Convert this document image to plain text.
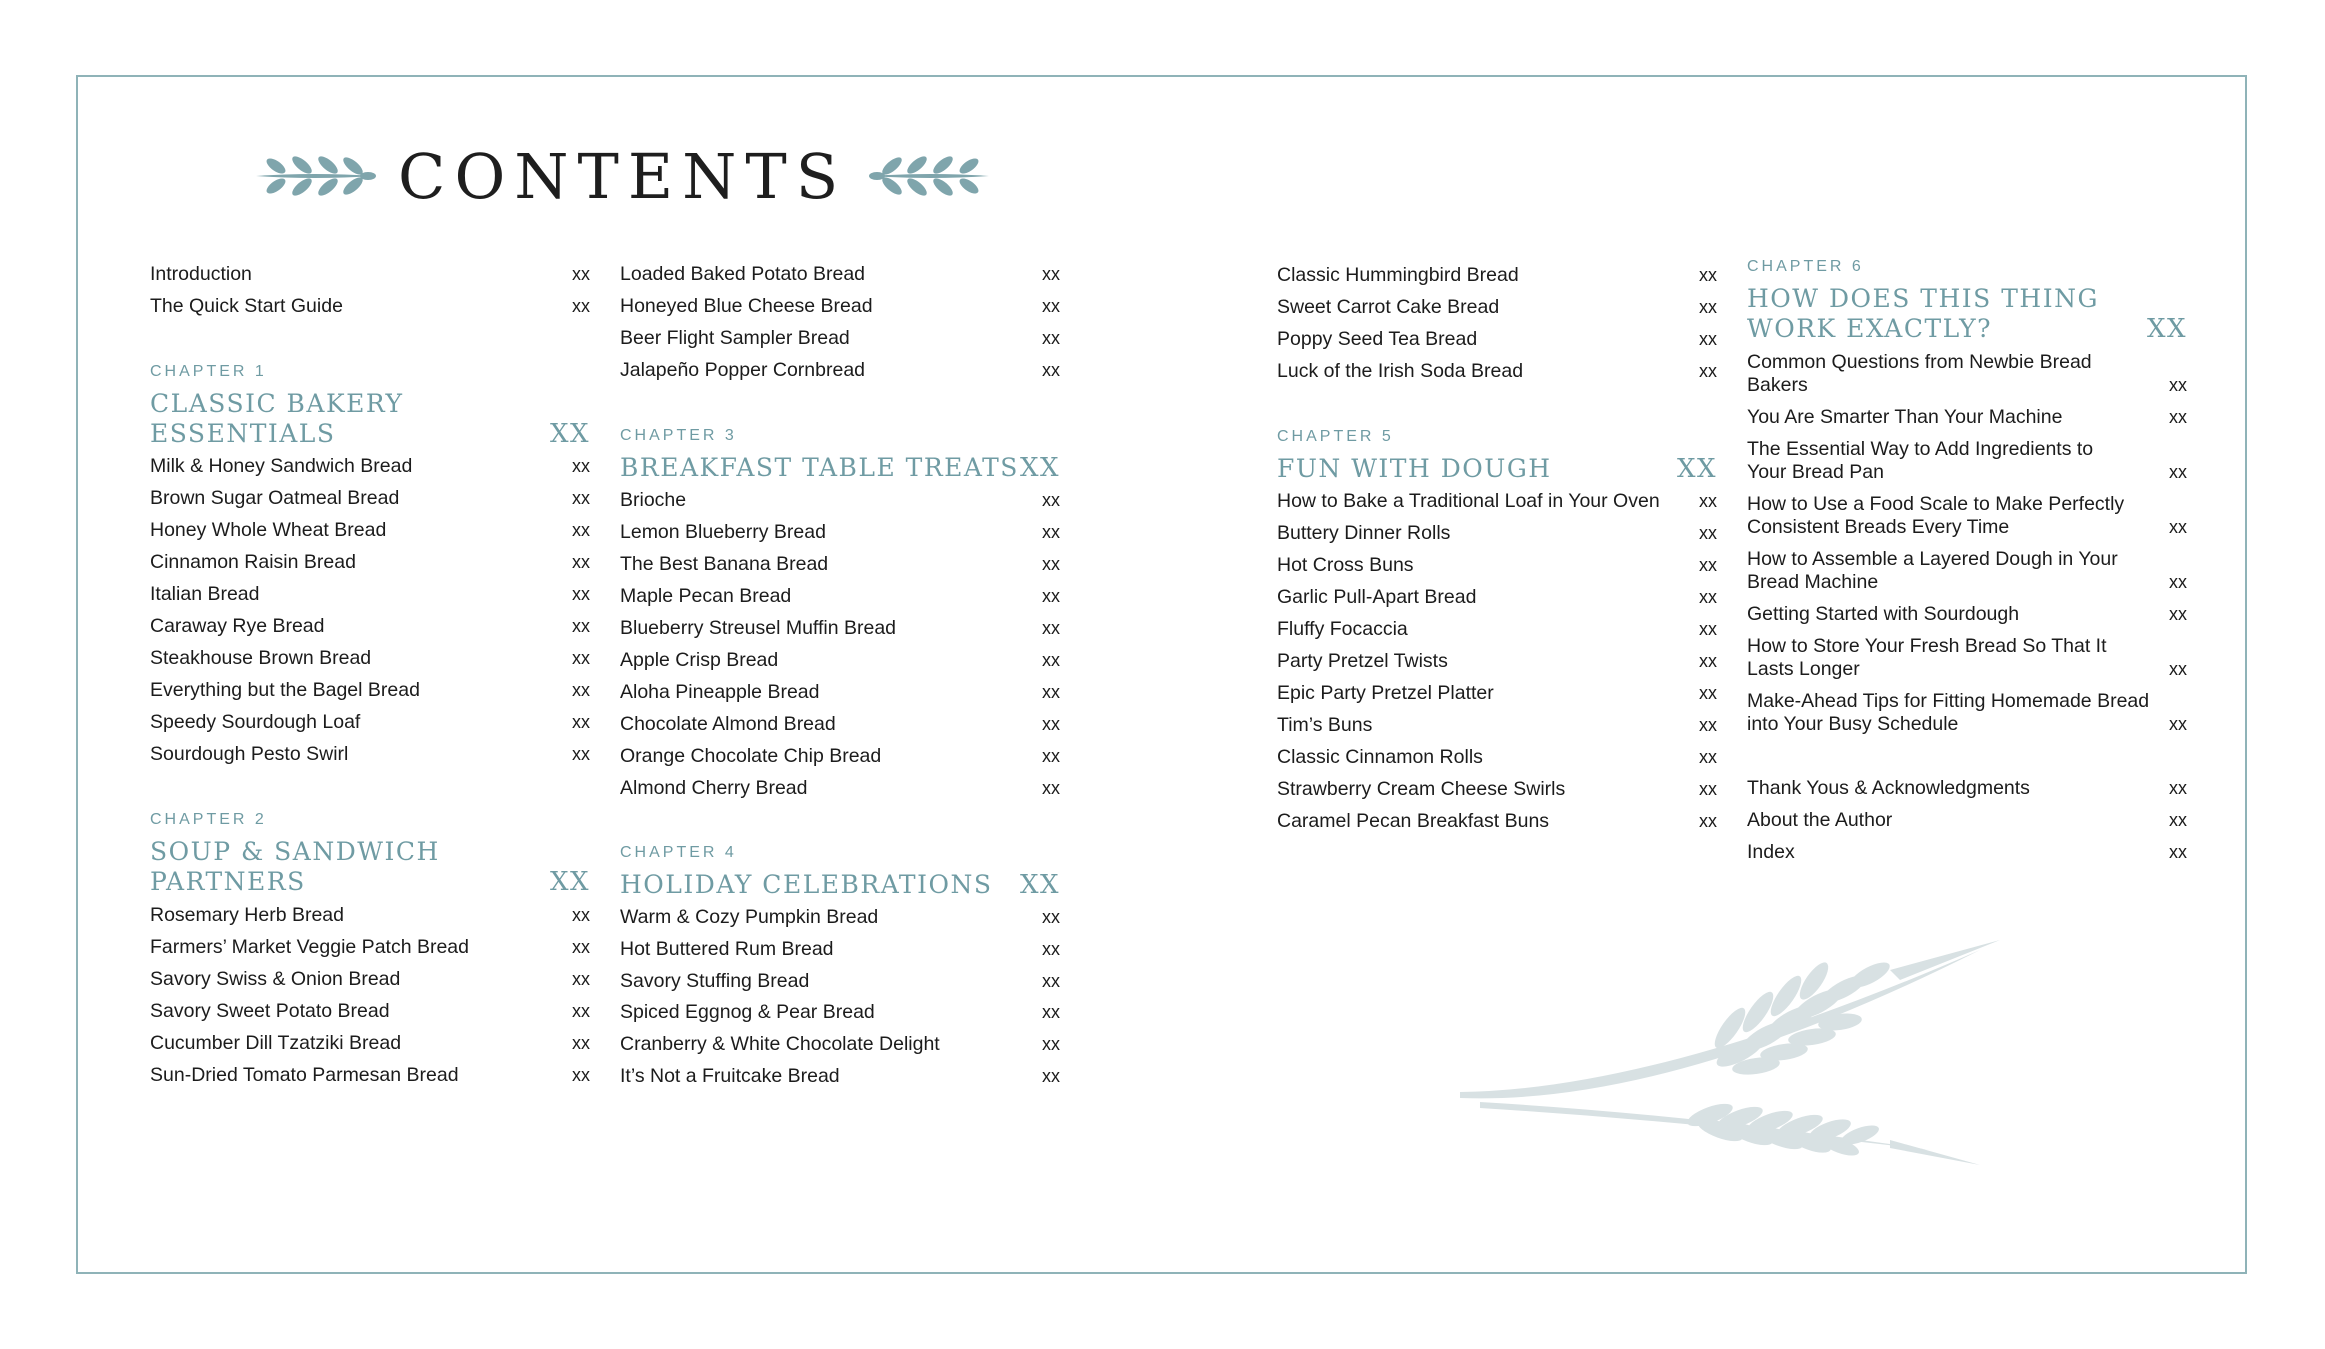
CONTENTS
Introduction	xx
The Quick Start Guide	xx
CHAPTER 1
CLASSIC BAKERY ESSENTIALS	XX
Milk & Honey Sandwich Bread	xx
Brown Sugar Oatmeal Bread	xx
Honey Whole Wheat Bread	xx
Cinnamon Raisin Bread	xx
Italian Bread	xx
Caraway Rye Bread	xx
Steakhouse Brown Bread	xx
Everything but the Bagel Bread	xx
Speedy Sourdough Loaf	xx
Sourdough Pesto Swirl	xx
CHAPTER 2
SOUP & SANDWICH PARTNERS	XX
Rosemary Herb Bread	xx
Farmers’ Market Veggie Patch Bread	xx
Savory Swiss & Onion Bread	xx
Savory Sweet Potato Bread	xx
Cucumber Dill Tzatziki Bread	xx
Sun-Dried Tomato Parmesan Bread	xx
Loaded Baked Potato Bread	xx
Honeyed Blue Cheese Bread	xx
Beer Flight Sampler Bread	xx
Jalapeño Popper Cornbread	xx
CHAPTER 3
BREAKFAST TABLE TREATS XX
Brioche	xx
Lemon Blueberry Bread	xx
The Best Banana Bread	xx
Maple Pecan Bread	xx
Blueberry Streusel Muffin Bread	xx
Apple Crisp Bread	xx
Aloha Pineapple Bread	xx
Chocolate Almond Bread	xx
Orange Chocolate Chip Bread	xx
Almond Cherry Bread	xx
CHAPTER 4
HOLIDAY CELEBRATIONS	XX
Warm & Cozy Pumpkin Bread	xx
Hot Buttered Rum Bread	xx
Savory Stuffing Bread	xx
Spiced Eggnog & Pear Bread	xx
Cranberry & White Chocolate Delight	xx
It’s Not a Fruitcake Bread	xx
Classic Hummingbird Bread	xx
Sweet Carrot Cake Bread	xx
Poppy Seed Tea Bread	xx
Luck of the Irish Soda Bread	xx
CHAPTER 5
FUN WITH DOUGH	XX
How to Bake a Traditional Loaf in Your Oven	xx
Buttery Dinner Rolls	xx
Hot Cross Buns	xx
Garlic Pull-Apart Bread	xx
Fluffy Focaccia	xx
Party Pretzel Twists	xx
Epic Party Pretzel Platter	xx
Tim’s Buns	xx
Classic Cinnamon Rolls	xx
Strawberry Cream Cheese Swirls	xx
Caramel Pecan Breakfast Buns	xx
CHAPTER 6
HOW DOES THIS THING WORK EXACTLY?	XX
Common Questions from Newbie Bread Bakers	xx
You Are Smarter Than Your Machine	xx
The Essential Way to Add Ingredients to Your Bread Pan	xx
How to Use a Food Scale to Make Perfectly Consistent Breads Every Time	xx
How to Assemble a Layered Dough in Your Bread Machine	xx
Getting Started with Sourdough	xx
How to Store Your Fresh Bread So That It Lasts Longer	xx
Make-Ahead Tips for Fitting Homemade Bread into Your Busy Schedule	xx
Thank Yous & Acknowledgments	xx
About the Author	xx
Index	xx
